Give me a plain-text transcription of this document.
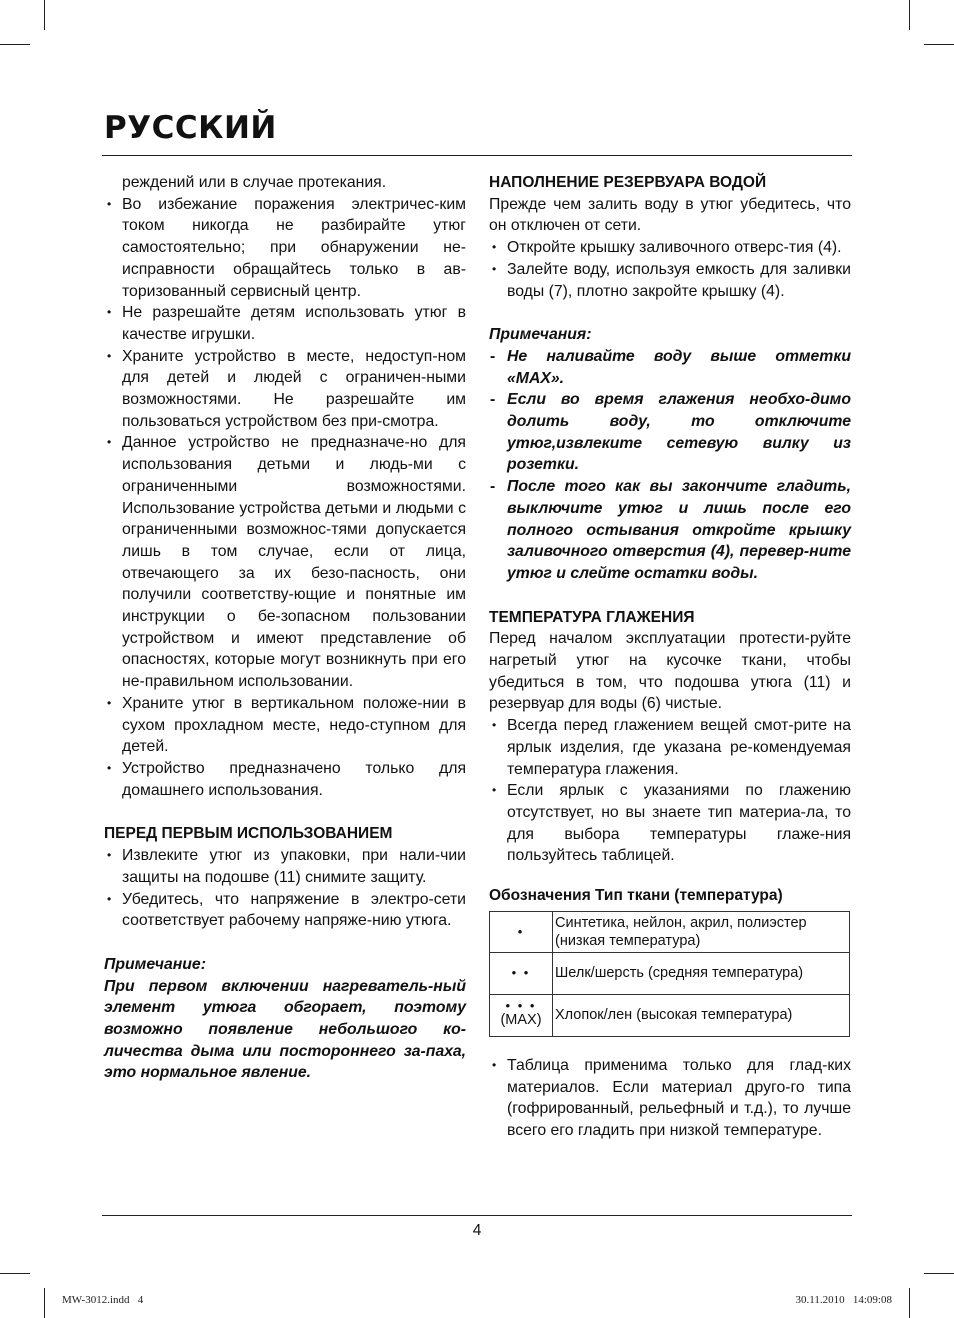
РУССКИЙ
реждений или в случае протекания.
• Во избежание поражения электричес-ким током никогда не разбирайте утюг самостоятельно; при обнаружении не-исправности обращайтесь только в ав-торизованный сервисный центр.
• Не разрешайте детям использовать утюг в качестве игрушки.
• Храните устройство в месте, недоступ-ном для детей и людей с ограничен-ными возможностями. Не разрешайте им пользоваться устройством без при-смотра.
• Данное устройство не предназначе-но для использования детьми и людь-ми с ограниченными возможностями. Использование устройства детьми и людьми с ограниченными возможнос-тями допускается лишь в том случае, если от лица, отвечающего за их безо-пасность, они получили соответству-ющие и понятные им инструкции о бе-зопасном пользовании устройством и имеют представление об опасностях, которые могут возникнуть при его не-правильном использовании.
• Храните утюг в вертикальном положе-нии в сухом прохладном месте, недо-ступном для детей.
• Устройство предназначено только для домашнего использования.

ПЕРЕД ПЕРВЫМ ИСПОЛЬЗОВАНИЕМ

• Извлеките утюг из упаковки, при нали-чии защиты на подошве (11) снимите защиту.
• Убедитесь, что напряжение в электро-сети соответствует рабочему напряже-нию утюга.

Примечание:

При первом включении нагреватель-ный элемент утюга обгорает, поэтому возможно появление небольшого ко-личества дыма или постороннего за-паха, это нормальное явление.

НАПОЛНЕНИЕ РЕЗЕРВУАРА ВОДОЙ

Прежде чем залить воду в утюг убедитесь, что он отключен от сети.

• Откройте крышку заливочного отверс-тия (4).
• Залейте воду, используя емкость для заливки воды (7), плотно закройте крышку (4).

Примечания:

- Не наливайте воду выше отметки «MAX».
- Если во время глажения необхо-димо долить воду, то отключите утюг,извлеките сетевую вилку из розетки.
- После того как вы закончите гладить, выключите утюг и лишь после его полного остывания откройте крышку заливочного отверстия (4), перевер-ните утюг и слейте остатки воды.

ТЕМПЕРАТУРА ГЛАЖЕНИЯ

Перед началом эксплуатации протести-руйте нагретый утюг на кусочке ткани, чтобы убедиться в том, что подошва утюга (11) и резервуар для воды (6) чистые.

• Всегда перед глажением вещей смот-рите на ярлык изделия, где указана ре-комендуемая температура глажения.
• Если ярлык с указаниями по глажению отсутствует, но вы знаете тип материа-ла, то для выбора температуры глаже-ния пользуйтесь таблицей.

Обозначения Тип ткани (температура)

•	Синтетика, нейлон, акрил, полиэстер (низкая температура)

• •	Шелк/шерсть (средняя температура)

• • •
(MAX)	Хлопок/лен (высокая температура)
• Таблица применима только для глад-ких материалов. Если материал друго-го типа (гофрированный, рельефный и т.д.), то лучше всего его гладить при низкой температуре.
4
MW-3012.indd   4	30.11.2010   14:09:08
